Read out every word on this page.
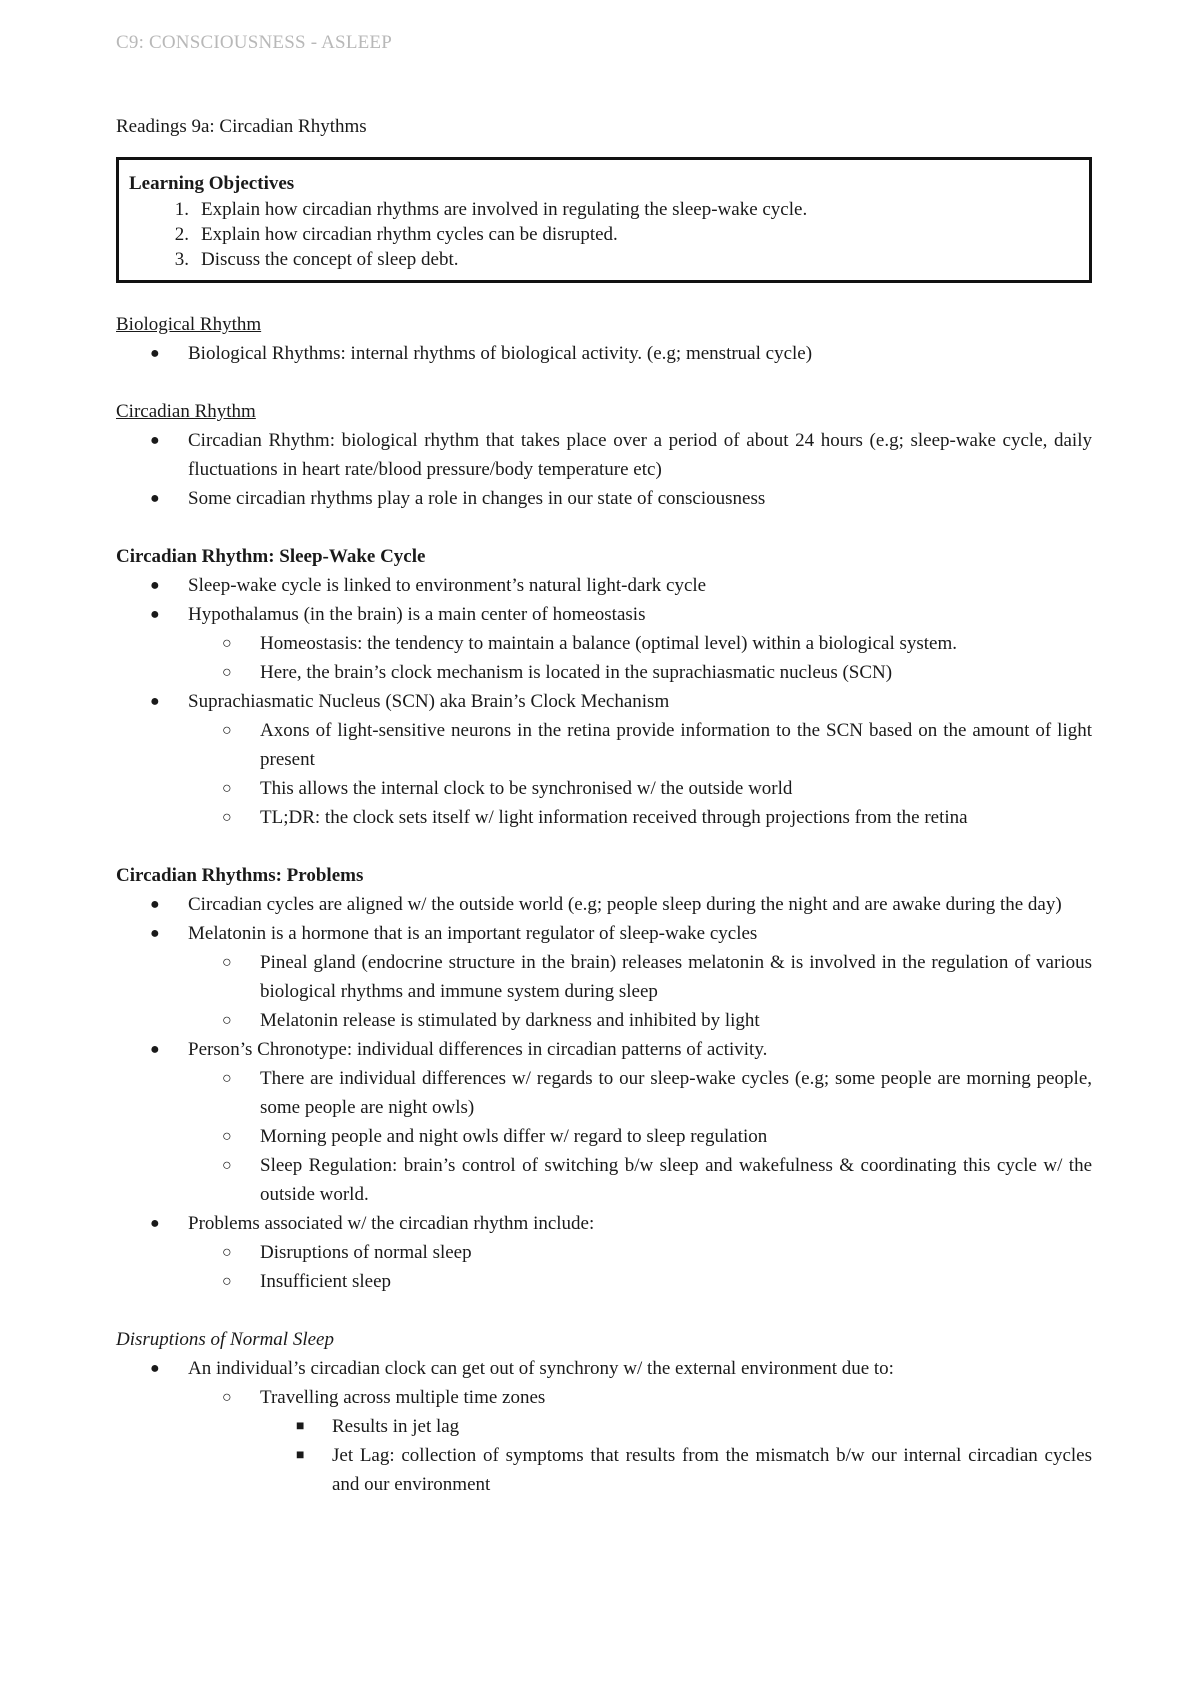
C9: CONSCIOUSNESS - ASLEEP
Readings 9a: Circadian Rhythms
Learning Objectives
1. Explain how circadian rhythms are involved in regulating the sleep-wake cycle.
2. Explain how circadian rhythm cycles can be disrupted.
3. Discuss the concept of sleep debt.
Biological Rhythm
● Biological Rhythms: internal rhythms of biological activity. (e.g; menstrual cycle)
Circadian Rhythm
● Circadian Rhythm: biological rhythm that takes place over a period of about 24 hours (e.g; sleep-wake cycle, daily fluctuations in heart rate/blood pressure/body temperature etc)
● Some circadian rhythms play a role in changes in our state of consciousness
Circadian Rhythm: Sleep-Wake Cycle
● Sleep-wake cycle is linked to environment’s natural light-dark cycle
● Hypothalamus (in the brain) is a main center of homeostasis
○ Homeostasis: the tendency to maintain a balance (optimal level) within a biological system.
○ Here, the brain’s clock mechanism is located in the suprachiasmatic nucleus (SCN)
● Suprachiasmatic Nucleus (SCN) aka Brain’s Clock Mechanism
○ Axons of light-sensitive neurons in the retina provide information to the SCN based on the amount of light present
○ This allows the internal clock to be synchronised w/ the outside world
○ TL;DR: the clock sets itself w/ light information received through projections from the retina
Circadian Rhythms: Problems
● Circadian cycles are aligned w/ the outside world (e.g; people sleep during the night and are awake during the day)
● Melatonin is a hormone that is an important regulator of sleep-wake cycles
○ Pineal gland (endocrine structure in the brain) releases melatonin & is involved in the regulation of various biological rhythms and immune system during sleep
○ Melatonin release is stimulated by darkness and inhibited by light
● Person’s Chronotype: individual differences in circadian patterns of activity.
○ There are individual differences w/ regards to our sleep-wake cycles (e.g; some people are morning people, some people are night owls)
○ Morning people and night owls differ w/ regard to sleep regulation
○ Sleep Regulation: brain’s control of switching b/w sleep and wakefulness & coordinating this cycle w/ the outside world.
● Problems associated w/ the circadian rhythm include:
○ Disruptions of normal sleep
○ Insufficient sleep
Disruptions of Normal Sleep
● An individual’s circadian clock can get out of synchrony w/ the external environment due to:
○ Travelling across multiple time zones
■ Results in jet lag
■ Jet Lag: collection of symptoms that results from the mismatch b/w our internal circadian cycles and our environment
